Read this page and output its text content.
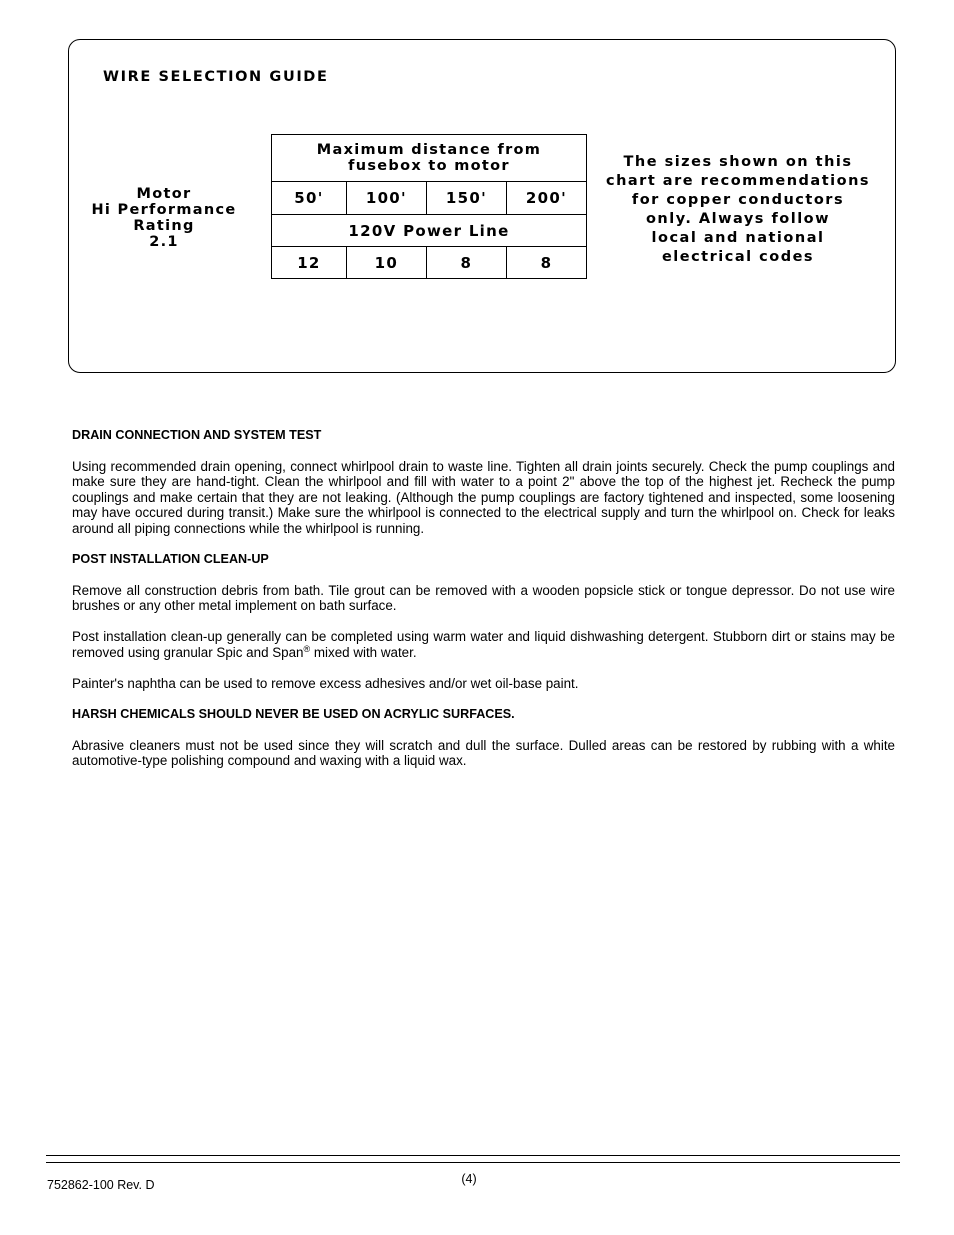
WIRE SELECTION GUIDE
Motor
Hi Performance
Rating
2.1
Maximum distance from
fusebox to motor			

50'	100'	150'	200'
120V Power Line			
12	10	8	8
The sizes shown on this
chart are recommendations
for copper conductors
only. Always follow
local and national
electrical codes
DRAIN CONNECTION AND SYSTEM TEST

Using recommended drain opening, connect whirlpool drain to waste line. Tighten all drain joints securely. Check the pump couplings and make sure they are hand-tight. Clean the whirlpool and fill with water to a point 2" above the top of the highest jet. Recheck the pump couplings and make certain that they are not leaking. (Although the pump couplings are factory tightened and inspected, some loosening may have occured during transit.) Make sure the whirlpool is connected to the electrical supply and turn the whirlpool on. Check for leaks around all piping connections while the whirlpool is running.

POST INSTALLATION CLEAN-UP

Remove all construction debris from bath. Tile grout can be removed with a wooden popsicle stick or tongue depressor. Do not use wire brushes or any other metal implement on bath surface.

Post installation clean-up generally can be completed using warm water and liquid dishwashing detergent. Stubborn dirt or stains may be removed using granular Spic and Span® mixed with water.

Painter's naphtha can be used to remove excess adhesives and/or wet oil-base paint.

HARSH CHEMICALS SHOULD NEVER BE USED ON ACRYLIC SURFACES.

Abrasive cleaners must not be used since they will scratch and dull the surface. Dulled areas can be restored by rubbing with a white automotive-type polishing compound and waxing with a liquid wax.

(4)
752862-100 Rev. D
